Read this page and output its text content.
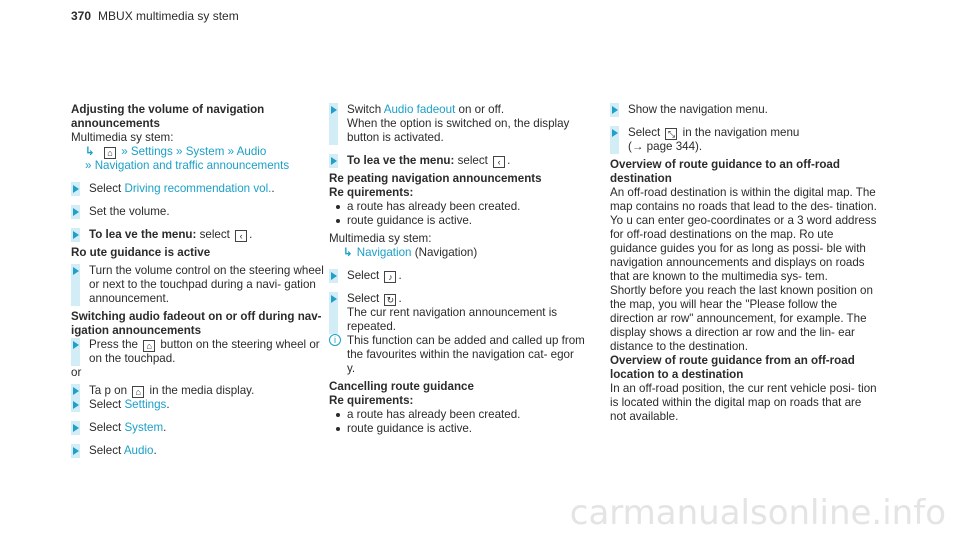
370 MBUX multimedia sy stem

Adjusting the volume of navigation announcements

Multimedia sy stem:

↳ ⌂ » Settings » System » Audio

» Navigation and traffic announcements

Select Driving recommendation vol..

Set the volume.

To lea ve the menu: select ‹ .

Ro ute guidance is active

Turn the volume control on the steering wheel or next to the touchpad during a navi- gation announcement.

Switching audio fadeout on or off during nav- igation announcements

Press the ⌂ button on the steering wheel or on the touchpad.

or

Ta p on ⌂ in the media display.

Select Settings.

Select System.

Select Audio.

Switch Audio fadeout on or off.
When the option is switched on, the display button is activated.

To lea ve the menu: select ‹ .

Re peating navigation announcements

Re quirements:

a route has already been created.

route guidance is active.

Multimedia sy stem:

↳ Navigation (Navigation)

Select ♪ .

Select ↻ .
The cur rent navigation announcement is repeated.

i This function can be added and called up from the favourites within the navigation cat- egor y.

Cancelling route guidance

Re quirements:

a route has already been created.

route guidance is active.

Show the navigation menu.

Select ⤡ in the navigation menu
(→ page 344).

Overview of route guidance to an off-road destination

An off-road destination is within the digital map. The map contains no roads that lead to the des- tination.

Yo u can enter geo-coordinates or a 3 word address for off-road destinations on the map. Ro ute guidance guides you for as long as possi- ble with navigation announcements and displays on roads that are known to the multimedia sys- tem.

Shortly before you reach the last known position on the map, you will hear the "Please follow the direction ar row" announcement, for example. The display shows a direction ar row and the lin- ear distance to the destination.

Overview of route guidance from an off-road location to a destination

In an off-road position, the cur rent vehicle posi- tion is located within the digital map on roads that are not available.

carmanualsonline.info
